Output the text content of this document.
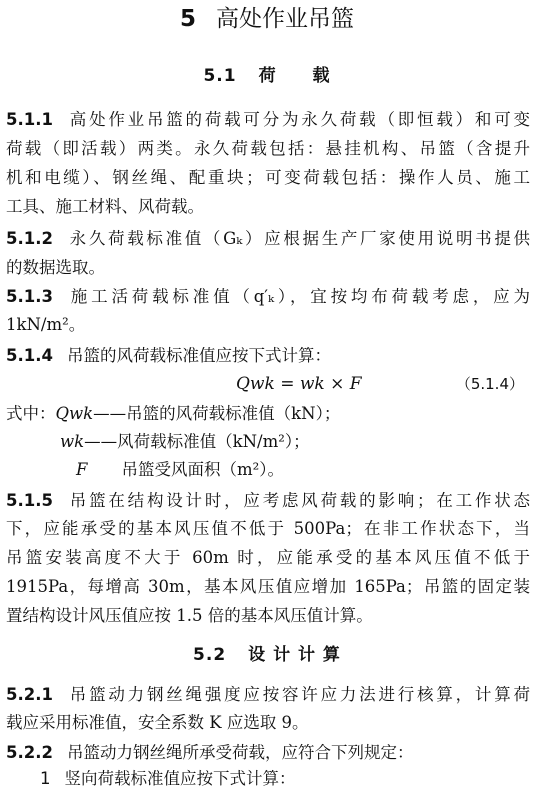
5 高处作业吊篮
5.1 荷　　载
5.1.1 高处作业吊篮的荷载可分为永久荷载（即恒载）和可变
荷载（即活载）两类。永久荷载包括：悬挂机构、吊篮（含提升
机和电缆）、钢丝绳、配重块；可变荷载包括：操作人员、施工
工具、施工材料、风荷载。
5.1.2 永久荷载标准值（Gₖ）应根据生产厂家使用说明书提供
的数据选取。
5.1.3 施工活荷载标准值（q′ₖ），宜按均布荷载考虑，应为
1kN/m²。
5.1.4 吊篮的风荷载标准值应按下式计算：
Qwk = wk × F	（5.1.4）
式中：Qwk——吊篮的风荷载标准值（kN）；
wk——风荷载标准值（kN/m²）；
F 吊篮受风面积（m²）。
5.1.5 吊篮在结构设计时，应考虑风荷载的影响；在工作状态
下，应能承受的基本风压值不低于 500Pa；在非工作状态下，当
吊篮安装高度不大于 60m 时，应能承受的基本风压值不低于
1915Pa，每增高 30m，基本风压值应增加 165Pa；吊篮的固定装
置结构设计风压值应按 1.5 倍的基本风压值计算。
5.2 设 计 计 算
5.2.1 吊篮动力钢丝绳强度应按容许应力法进行核算，计算荷
载应采用标准值，安全系数 K 应选取 9。
5.2.2 吊篮动力钢丝绳所承受荷载，应符合下列规定：
1 竖向荷载标准值应按下式计算：
